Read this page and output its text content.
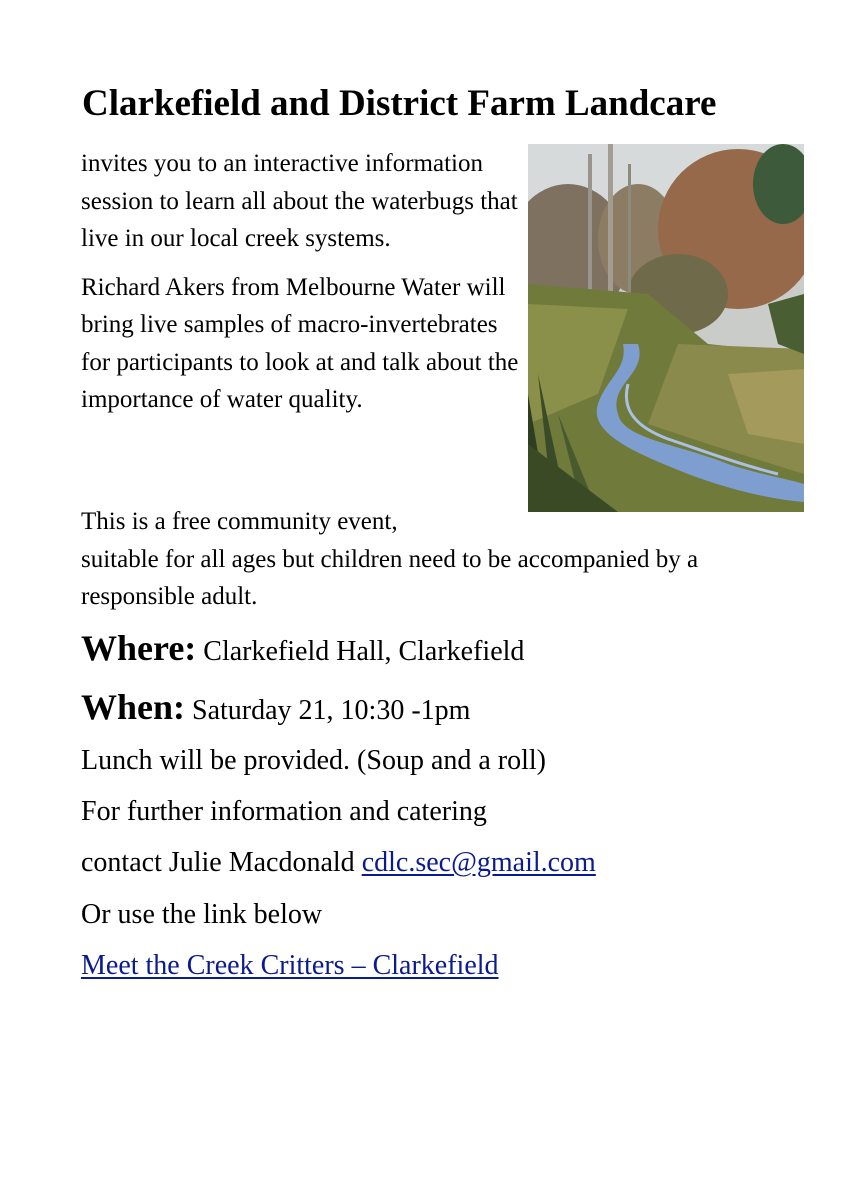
Clarkefield and District Farm Landcare

invites you to an interactive information session to learn all about the waterbugs that live in our local creek systems.

Richard Akers from Melbourne Water will bring live samples of macro-invertebrates for participants to look at and talk about the importance of water quality.

This is a free community event,

suitable for all ages but children need to be accompanied by a responsible adult.

Where: Clarkefield Hall, Clarkefield
When: Saturday 21, 10:30 -1pm
Lunch will be provided. (Soup and a roll)
For further information and catering
contact Julie Macdonald cdlc.sec@gmail.com
Or use the link below
Meet the Creek Critters – Clarkefield
